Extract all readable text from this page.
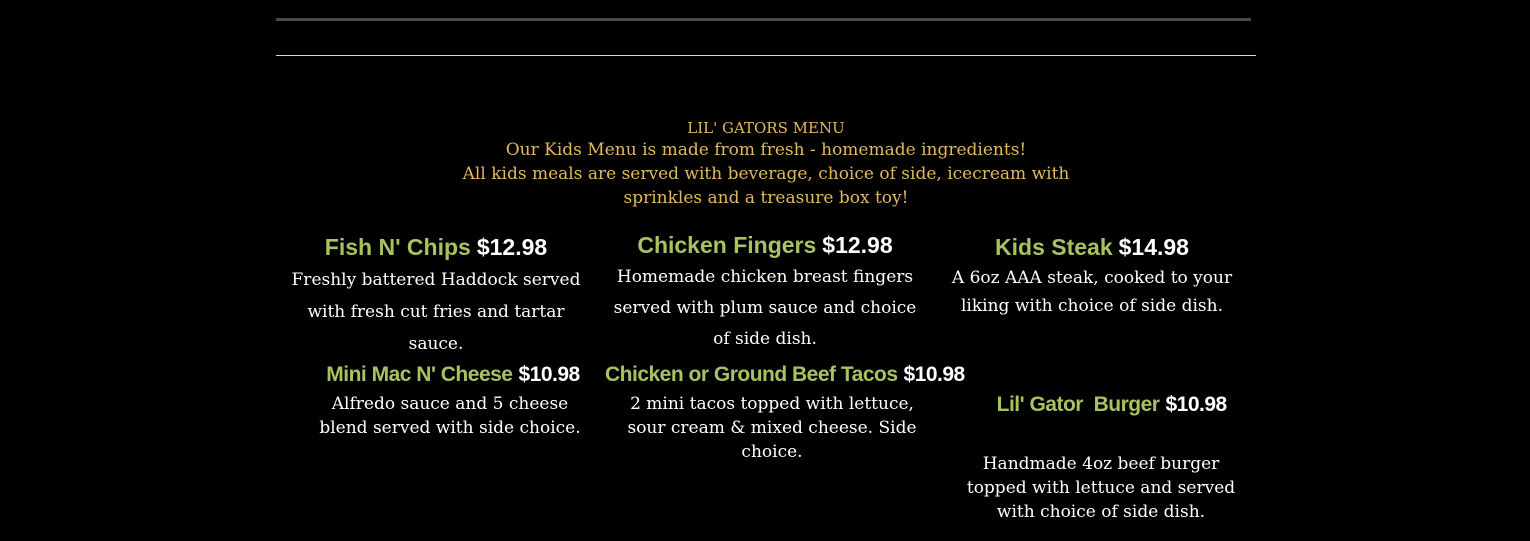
LIL' GATORS MENU
Our Kids Menu is made from fresh - homemade ingredients!
All kids meals are served with beverage, choice of side, icecream with
sprinkles and a treasure box toy!
Fish N' Chips $12.98
Freshly battered Haddock served with fresh cut fries and tartar sauce.
Chicken Fingers $12.98
Homemade chicken breast fingers served with plum sauce and choice of side dish.
Kids Steak $14.98
A 6oz AAA steak, cooked to your liking with choice of side dish.
Mini Mac N' Cheese $10.98
Alfredo sauce and 5 cheese blend served with side choice.
Chicken or Ground Beef Tacos $10.98
2 mini tacos topped with lettuce, sour cream & mixed cheese. Side choice.

Lil' Gator  Burger $10.98

Handmade 4oz beef burger topped with lettuce and served with choice of side dish.
